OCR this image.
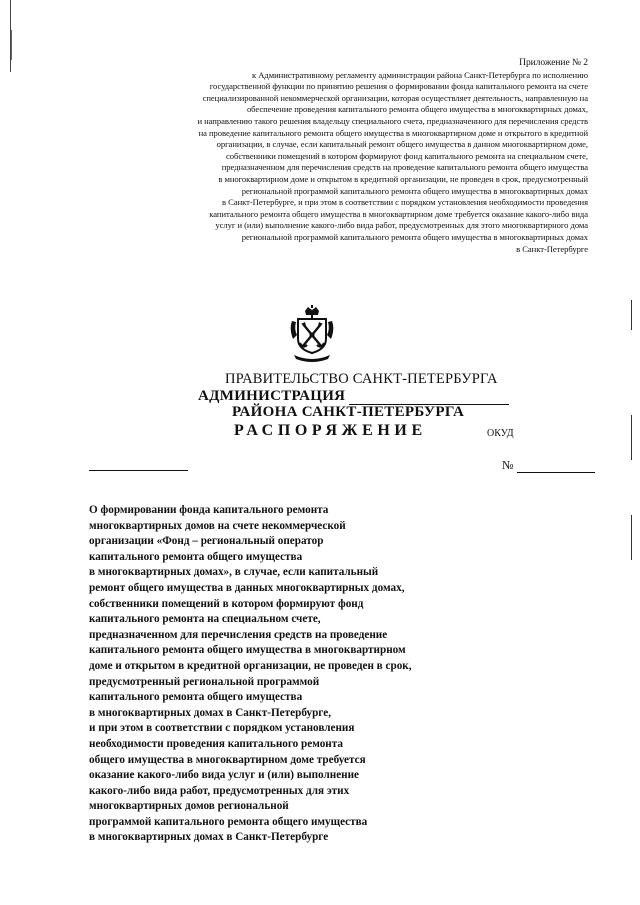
Приложение № 2
к Административному регламенту администрации района Санкт-Петербурга по исполнению
государственной функции по принятию решения о формировании фонда капитального ремонта на счете
специализированной некоммерческой организации, которая осуществляет деятельность, направленную на
обеспечение проведения капитального ремонта общего имущества в многоквартирных домах,
и направлению такого решения владельцу специального счета, предназначенного для перечисления средств
на проведение капитального ремонта общего имущества в многоквартирном доме и открытого в кредитной
организации, в случае, если капитальный ремонт общего имущества в данном многоквартирном доме,
собственники помещений в котором формируют фонд капитального ремонта на специальном счете,
предназначенном для перечисления средств на проведение капитального ремонта общего имущества
в многоквартирном доме и открытом в кредитной организации, не проведен в срок, предусмотренный
региональной программой капитального ремонта общего имущества в многоквартирных домах
в Санкт-Петербурге, и при этом в соответствии с порядком установления необходимости проведения
капитального ремонта общего имущества в многоквартирном доме требуется оказание какого-либо вида
услуг и (или) выполнение какого-либо вида работ, предусмотренных для этого многоквартирного дома
региональной программой капитального ремонта общего имущества в многоквартирных домах
в Санкт-Петербурге
ПРАВИТЕЛЬСТВО САНКТ-ПЕТЕРБУРГА
АДМИНИСТРАЦИЯ
РАЙОНА САНКТ-ПЕТЕРБУРГА
РАСПОРЯЖЕНИЕ	ОКУД
№
О формировании фонда капитального ремонта
многоквартирных домов на счете некоммерческой
организации «Фонд – региональный оператор
капитального ремонта общего имущества
в многоквартирных домах», в случае, если капитальный
ремонт общего имущества в данных многоквартирных домах,
собственники помещений в котором формируют фонд
капитального ремонта на специальном счете,
предназначенном для перечисления средств на проведение
капитального ремонта общего имущества в многоквартирном
доме и открытом в кредитной организации, не проведен в срок,
предусмотренный региональной программой
капитального ремонта общего имущества
в многоквартирных домах в Санкт-Петербурге,
и при этом в соответствии с порядком установления
необходимости проведения капитального ремонта
общего имущества в многоквартирном доме требуется
оказание какого-либо вида услуг и (или) выполнение
какого-либо вида работ, предусмотренных для этих
многоквартирных домов региональной
программой капитального ремонта общего имущества
в многоквартирных домах в Санкт-Петербурге
